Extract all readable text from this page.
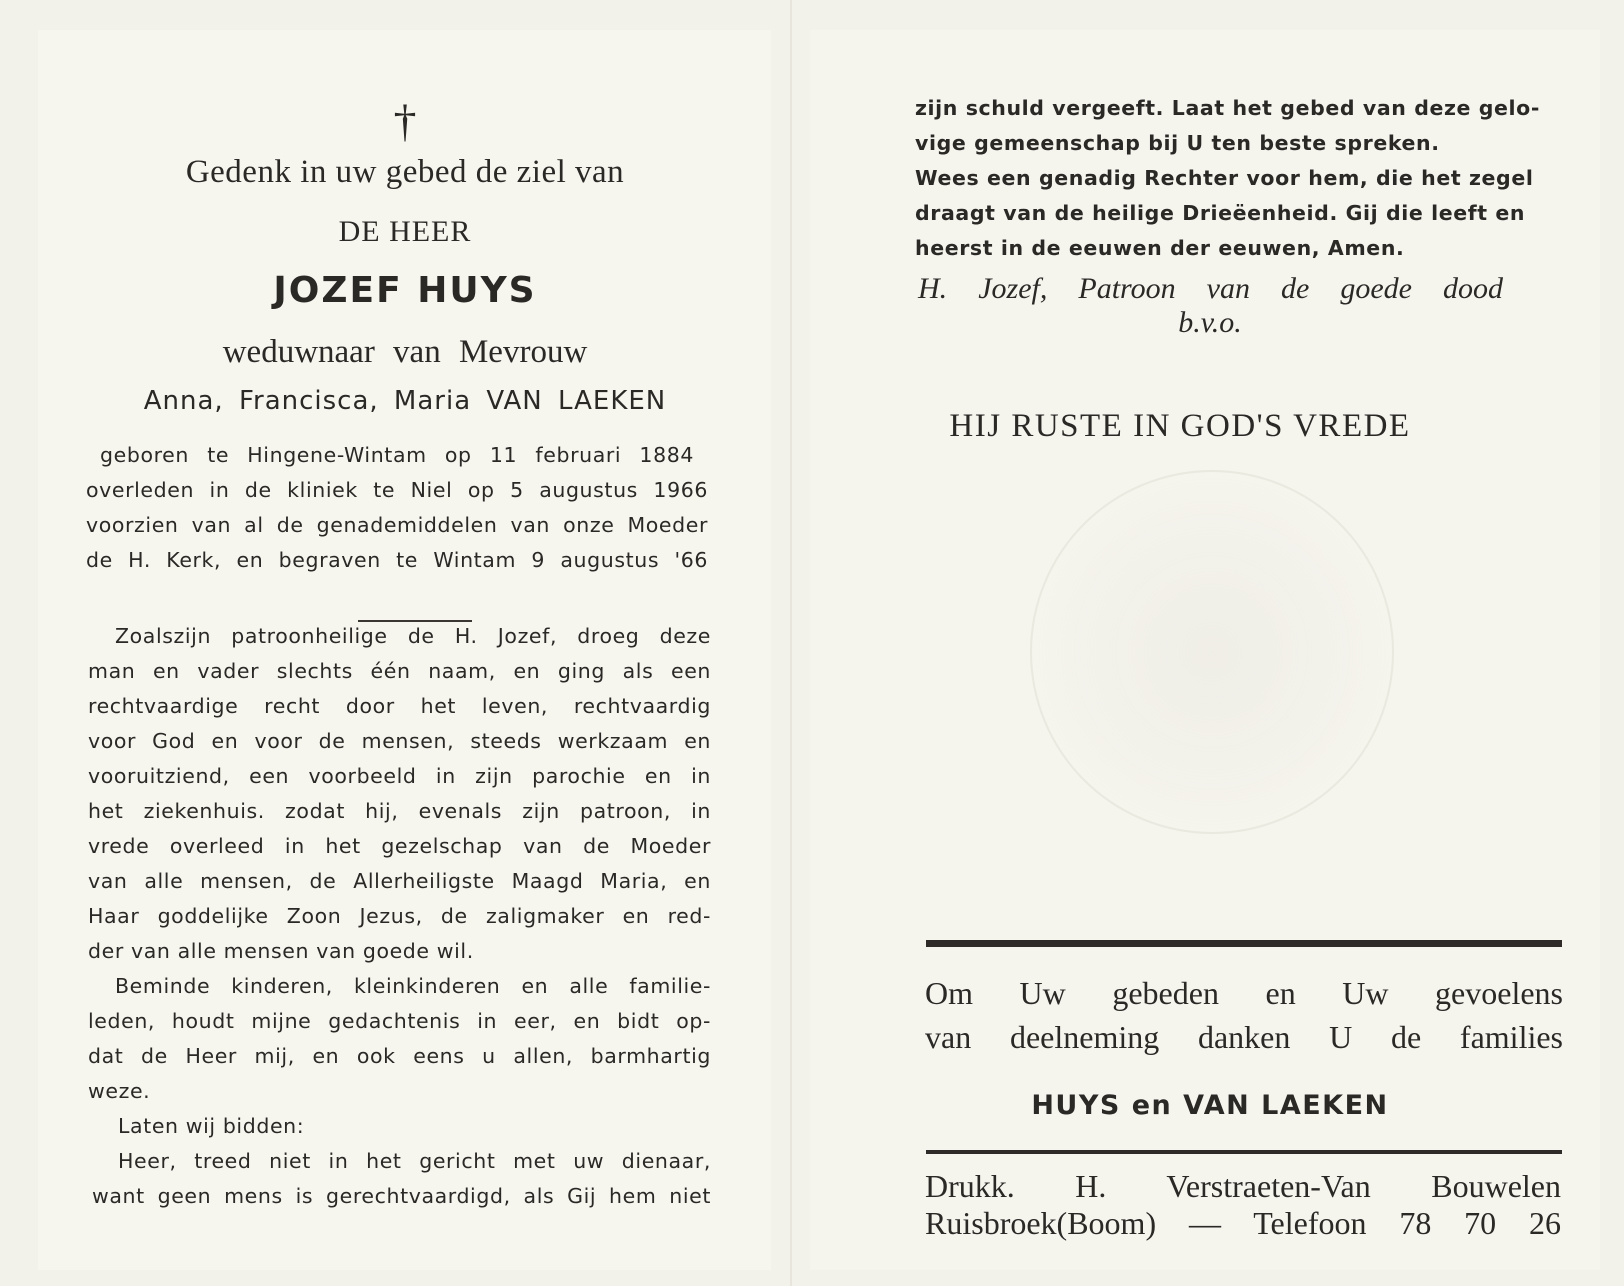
†
Gedenk in uw gebed de ziel van
DE HEER
JOZEF HUYS
weduwnaar van Mevrouw
Anna, Francisca, Maria VAN LAEKEN
geboren te Hingene-Wintam op 11 februari 1884
overleden in de kliniek te Niel op 5 augustus 1966
voorzien van al de genademiddelen van onze Moeder
de H. Kerk, en begraven te Wintam 9 augustus '66
Zoalszijn patroonheilige de H. Jozef, droeg deze
man en vader slechts één naam, en ging als een
rechtvaardige recht door het leven, rechtvaardig
voor God en voor de mensen, steeds werkzaam en
vooruitziend, een voorbeeld in zijn parochie en in
het ziekenhuis. zodat hij, evenals zijn patroon, in
vrede overleed in het gezelschap van de Moeder
van alle mensen, de Allerheiligste Maagd Maria, en
Haar goddelijke Zoon Jezus, de zaligmaker en red-
der van alle mensen van goede wil.
Beminde kinderen, kleinkinderen en alle familie-
leden, houdt mijne gedachtenis in eer, en bidt op-
dat de Heer mij, en ook eens u allen, barmhartig
weze.
Laten wij bidden:
Heer, treed niet in het gericht met uw dienaar,
want geen mens is gerechtvaardigd, als Gij hem niet
zijn schuld vergeeft. Laat het gebed van deze gelo-
vige gemeenschap bij U ten beste spreken.
Wees een genadig Rechter voor hem, die het zegel
draagt van de heilige Drieëenheid. Gij die leeft en
heerst in de eeuwen der eeuwen, Amen.
H. Jozef, Patroon van de goede dood
b.v.o.
HIJ RUSTE IN GOD'S VREDE
Om Uw gebeden en Uw gevoelens
van deelneming danken U de families
HUYS en VAN LAEKEN
Drukk. H. Verstraeten-Van Bouwelen
Ruisbroek(Boom) — Telefoon 78 70 26
